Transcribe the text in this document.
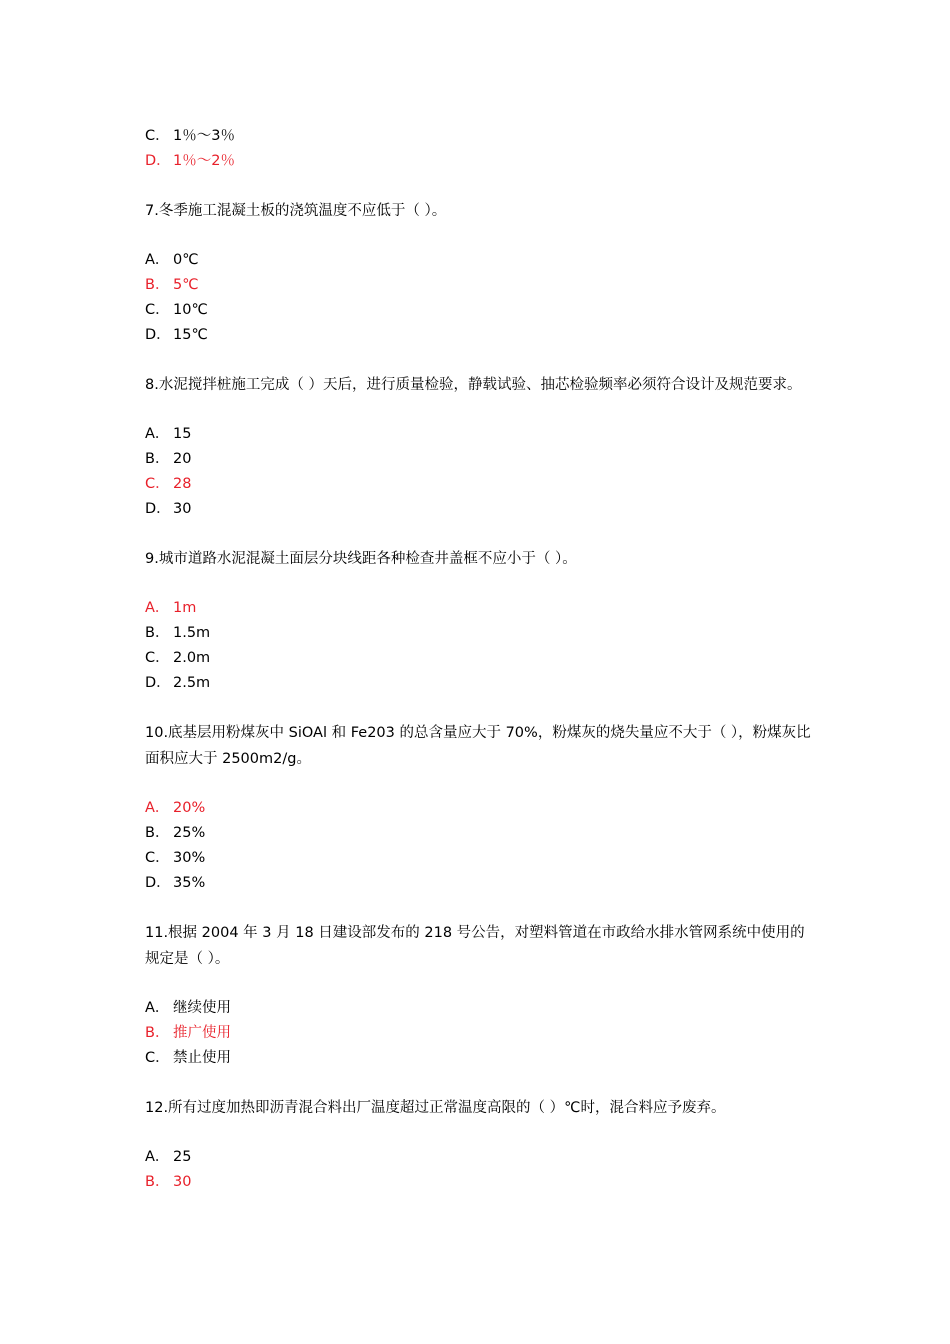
C． 1％～3％
D． 1％～2％
7.冬季施工混凝土板的浇筑温度不应低于（ ）。
A． 0℃
B． 5℃
C． 10℃
D． 15℃
8.水泥搅拌桩施工完成（ ）天后，进行质量检验，静载试验、抽芯检验频率必须符合设计及规范要求。
A． 15
B． 20
C． 28
D． 30
9.城市道路水泥混凝土面层分块线距各种检查井盖框不应小于（ ）。
A． 1m
B． 1.5m
C． 2.0m
D． 2.5m
10.底基层用粉煤灰中 SiOAl 和 Fe203 的总含量应大于 70%，粉煤灰的烧失量应不大于（ ），粉煤灰比面积应大于 2500m2/g。
A． 20%
B． 25%
C． 30%
D． 35%
11.根据 2004 年 3 月 18 日建设部发布的 218 号公告，对塑料管道在市政给水排水管网系统中使用的规定是（ ）。
A． 继续使用
B． 推广使用
C． 禁止使用
12.所有过度加热即沥青混合料出厂温度超过正常温度高限的（ ）℃时，混合料应予废弃。
A． 25
B． 30
